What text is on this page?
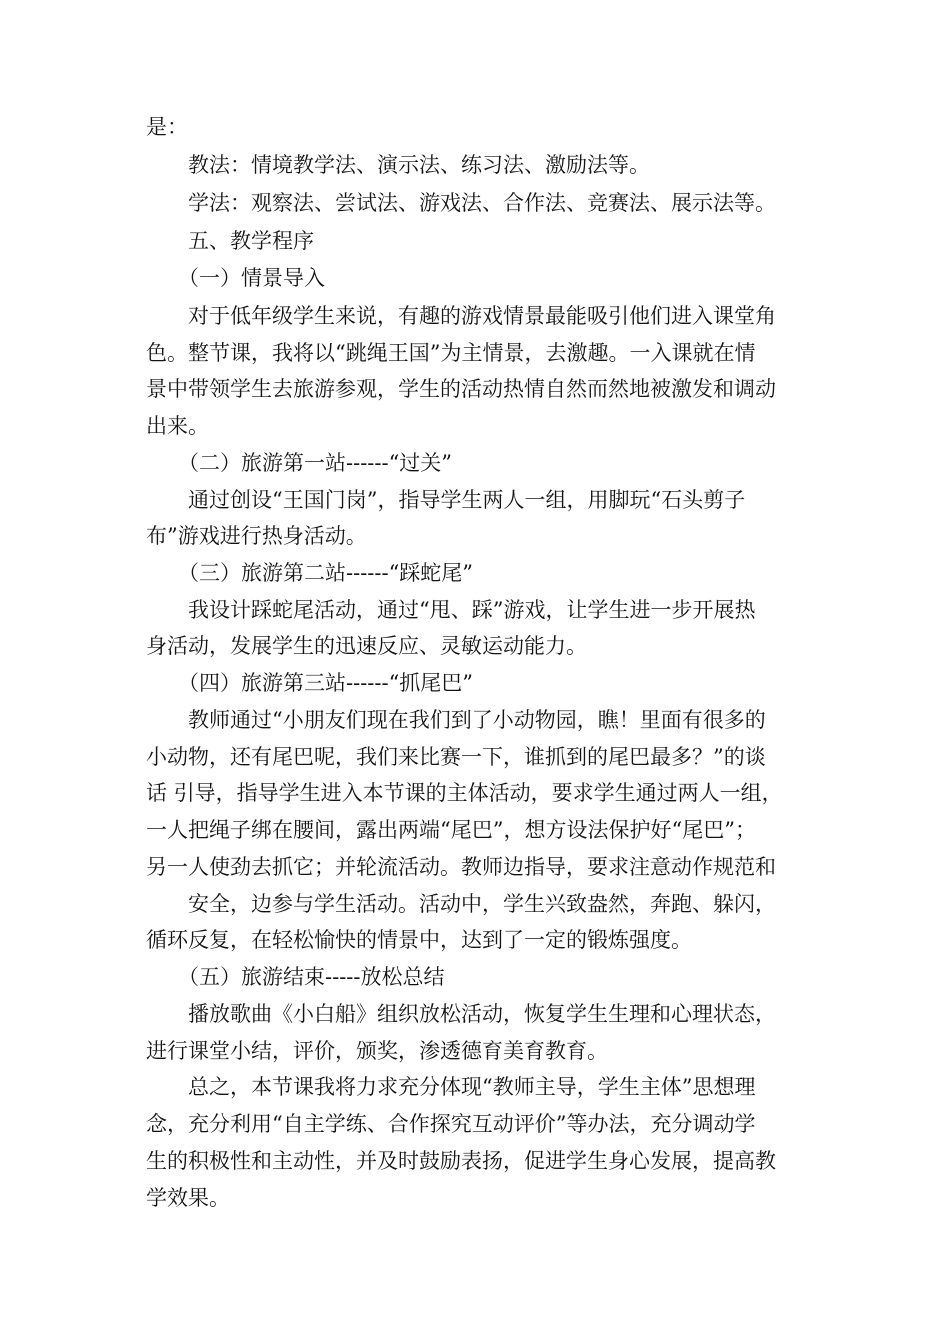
是：
教法：情境教学法、演示法、练习法、激励法等。
学法：观察法、尝试法、游戏法、合作法、竞赛法、展示法等。
五、教学程序
（一）情景导入
对于低年级学生来说，有趣的游戏情景最能吸引他们进入课堂角
色。整节课，我将以“跳绳王国”为主情景，去激趣。一入课就在情
景中带领学生去旅游参观，学生的活动热情自然而然地被激发和调动
出来。
（二）旅游第一站------“过关”
通过创设“王国门岗”，指导学生两人一组，用脚玩“石头剪子
布”游戏进行热身活动。
（三）旅游第二站------“踩蛇尾”
我设计踩蛇尾活动，通过“甩、踩”游戏，让学生进一步开展热
身活动，发展学生的迅速反应、灵敏运动能力。
（四）旅游第三站------“抓尾巴”
教师通过“小朋友们现在我们到了小动物园，瞧！里面有很多的
小动物，还有尾巴呢，我们来比赛一下，谁抓到的尾巴最多？”的谈
话 引导，指导学生进入本节课的主体活动，要求学生通过两人一组，
一人把绳子绑在腰间，露出两端“尾巴”，想方设法保护好“尾巴”；
另一人使劲去抓它；并轮流活动。教师边指导，要求注意动作规范和
安全，边参与学生活动。活动中，学生兴致盎然，奔跑、躲闪，
循环反复，在轻松愉快的情景中，达到了一定的锻炼强度。
（五）旅游结束-----放松总结
播放歌曲《小白船》组织放松活动，恢复学生生理和心理状态，
进行课堂小结，评价，颁奖，渗透德育美育教育。
总之，本节课我将力求充分体现“教师主导，学生主体”思想理
念，充分利用“自主学练、合作探究互动评价”等办法，充分调动学
生的积极性和主动性，并及时鼓励表扬，促进学生身心发展，提高教
学效果。
